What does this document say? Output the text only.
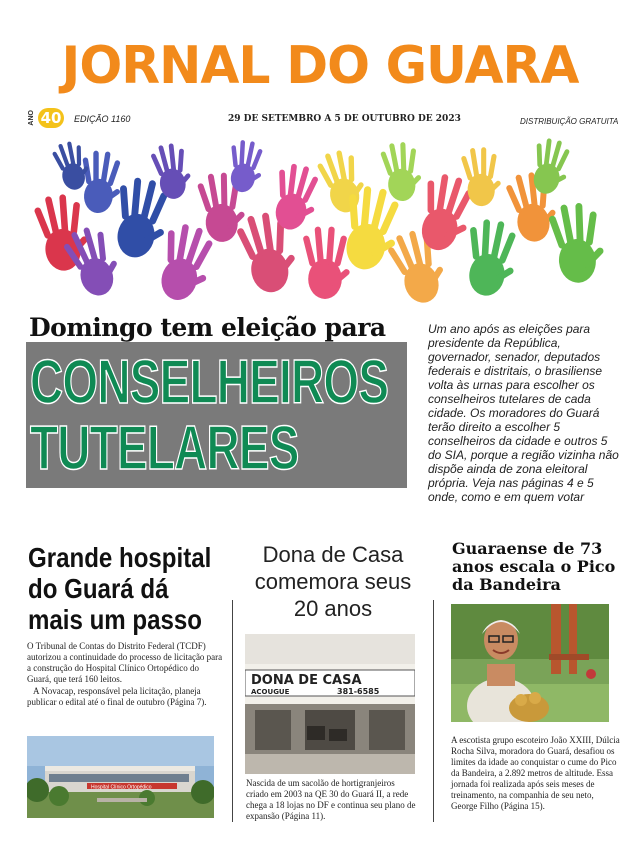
JORNAL DO GUARA
ANO 40 EDIÇÃO 1160	29 DE SETEMBRO A 5 DE OUTUBRO DE 2023	DISTRIBUIÇÃO GRATUITA
Domingo tem eleição para
CONSELHEIROS
TUTELARES
Um ano após as eleições para presidente da República, governador, senador, deputados federais e distritais, o brasiliense volta às urnas para escolher os conselheiros tutelares de cada cidade. Os moradores do Guará terão direito a escolher 5 conselheiros da cidade e outros 5 do SIA, porque a região vizinha não dispõe ainda de zona eleitoral própria. Veja nas páginas 4 e 5 onde, como e em quem votar
Grande hospital do Guará dá mais um passo

O Tribunal de Contas do Distrito Federal (TCDF) autorizou a continuidade do processo de licitação para a construção do Hospital Clínico Ortopédico do Guará, que terá 160 leitos.

A Novacap, responsável pela licitação, planeja publicar o edital até o final de outubro (Página 7).

Hospital Clínico Ortopédico
Dona de Casa comemora seus 20 anos
DONA DE CASA
ACOUGUE	381-6585
Nascida de um sacolão de hortigranjeiros criado em 2003 na QE 30 do Guará II, a rede chega a 18 lojas no DF e continua seu plano de expansão (Página 11).
Guaraense de 73 anos escala o Pico da Bandeira
A escotista grupo escoteiro João XXIII, Dúlcia Rocha Silva, moradora do Guará, desafiou os limites da idade ao conquistar o cume do Pico da Bandeira, a 2.892 metros de altitude. Essa jornada foi realizada após seis meses de treinamento, na companhia de seu neto, George Filho (Página 15).
